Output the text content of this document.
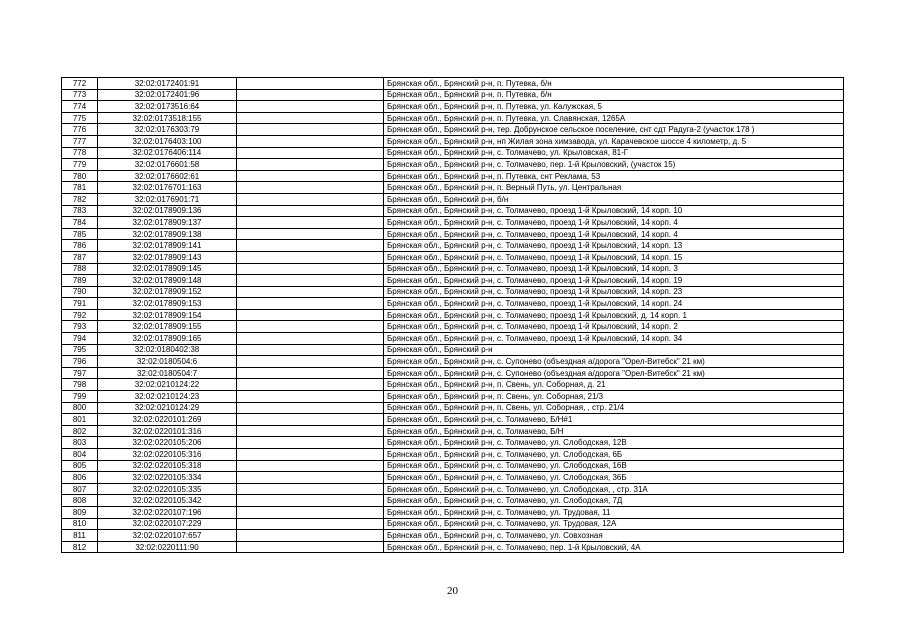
772	32:02:0172401:91		Брянская обл., Брянский р-н, п. Путевка, б/н
773	32:02:0172401:96		Брянская обл., Брянский р-н, п. Путевка, б/н
774	32:02:0173516:64		Брянская обл., Брянский р-н, п. Путевка, ул. Калужская, 5
775	32:02:0173518:155		Брянская обл., Брянский р-н, п. Путевка, ул. Славянская, 1265А
776	32:02:0176303:79		Брянская обл., Брянский р-н, тер. Добрунское сельское поселение, снт сдт Радуга-2 (участок 178 )
777	32:02:0176403:100		Брянская обл., Брянский р-н, нп Жилая зона химзавода, ул. Карачевское шоссе 4 километр, д. 5
778	32:02:0176406:114		Брянская обл., Брянский р-н, с. Толмачево, ул. Крыловская, 81-Г
779	32:02:0176601:58		Брянская обл., Брянский р-н, с. Толмачево, пер. 1-й Крыловский, (участок 15)
780	32:02:0176602:61		Брянская обл., Брянский р-н, п. Путевка, снт Реклама, 53
781	32:02:0176701:163		Брянская обл., Брянский р-н, п. Верный Путь, ул. Центральная
782	32:02:0176901:71		Брянская обл., Брянский р-н, б/н
783	32:02:0178909:136		Брянская обл., Брянский р-н, с. Толмачево, проезд 1-й Крыловский, 14 корп. 10
784	32:02:0178909:137		Брянская обл., Брянский р-н, с. Толмачево, проезд 1-й Крыловский, 14 корп. 4
785	32:02:0178909:138		Брянская обл., Брянский р-н, с. Толмачево, проезд 1-й Крыловский, 14 корп. 4
786	32:02:0178909:141		Брянская обл., Брянский р-н, с. Толмачево, проезд 1-й Крыловский, 14 корп. 13
787	32:02:0178909:143		Брянская обл., Брянский р-н, с. Толмачево, проезд 1-й Крыловский, 14 корп. 15
788	32:02:0178909:145		Брянская обл., Брянский р-н, с. Толмачево, проезд 1-й Крыловский, 14 корп. 3
789	32:02:0178909:148		Брянская обл., Брянский р-н, с. Толмачево, проезд 1-й Крыловский, 14 корп. 19
790	32:02:0178909:152		Брянская обл., Брянский р-н, с. Толмачево, проезд 1-й Крыловский, 14 корп. 23
791	32:02:0178909:153		Брянская обл., Брянский р-н, с. Толмачево, проезд 1-й Крыловский, 14 корп. 24
792	32:02:0178909:154		Брянская обл., Брянский р-н, с. Толмачево, проезд 1-й Крыловский, д. 14 корп. 1
793	32:02:0178909:155		Брянская обл., Брянский р-н, с. Толмачево, проезд 1-й Крыловский, 14 корп. 2
794	32:02:0178909:165		Брянская обл., Брянский р-н, с. Толмачево, проезд 1-й Крыловский, 14 корп. 34
795	32:02:0180402:38		Брянская обл., Брянский р-н
796	32:02:0180504:6		Брянская обл., Брянский р-н, с. Супонево (объездная а/дорога "Орел-Витебск" 21 км)
797	32:02:0180504:7		Брянская обл., Брянский р-н, с. Супонево (объездная а/дорога "Орел-Витебск" 21 км)
798	32:02:0210124:22		Брянская обл., Брянский р-н, п. Свень, ул. Соборная, д. 21
799	32:02:0210124:23		Брянская обл., Брянский р-н, п. Свень, ул. Соборная, 21/3
800	32:02:0210124:29		Брянская обл., Брянский р-н, п. Свень, ул. Соборная, , стр. 21/4
801	32:02:0220101:269		Брянская обл., Брянский р-н, с. Толмачево, Б/Н#1
802	32:02:0220101:316		Брянская обл., Брянский р-н, с. Толмачево, Б/Н
803	32:02:0220105:206		Брянская обл., Брянский р-н, с. Толмачево, ул. Слободская, 12В
804	32:02:0220105:316		Брянская обл., Брянский р-н, с. Толмачево, ул. Слободская, 6Б
805	32:02:0220105:318		Брянская обл., Брянский р-н, с. Толмачево, ул. Слободская, 16В
806	32:02:0220105:334		Брянская обл., Брянский р-н, с. Толмачево, ул. Слободская, 36Б
807	32:02:0220105:335		Брянская обл., Брянский р-н, с. Толмачево, ул. Слободская, , стр. 31А
808	32:02:0220105:342		Брянская обл., Брянский р-н, с. Толмачево, ул. Слободская, 7Д
809	32:02:0220107:196		Брянская обл., Брянский р-н, с. Толмачево, ул. Трудовая, 11
810	32:02:0220107:229		Брянская обл., Брянский р-н, с. Толмачево, ул. Трудовая, 12А
811	32:02:0220107:657		Брянская обл., Брянский р-н, с. Толмачево, ул. Совхозная
812	32:02:0220111:90		Брянская обл., Брянский р-н, с. Толмачево, пер. 1-й Крыловский, 4А
20
